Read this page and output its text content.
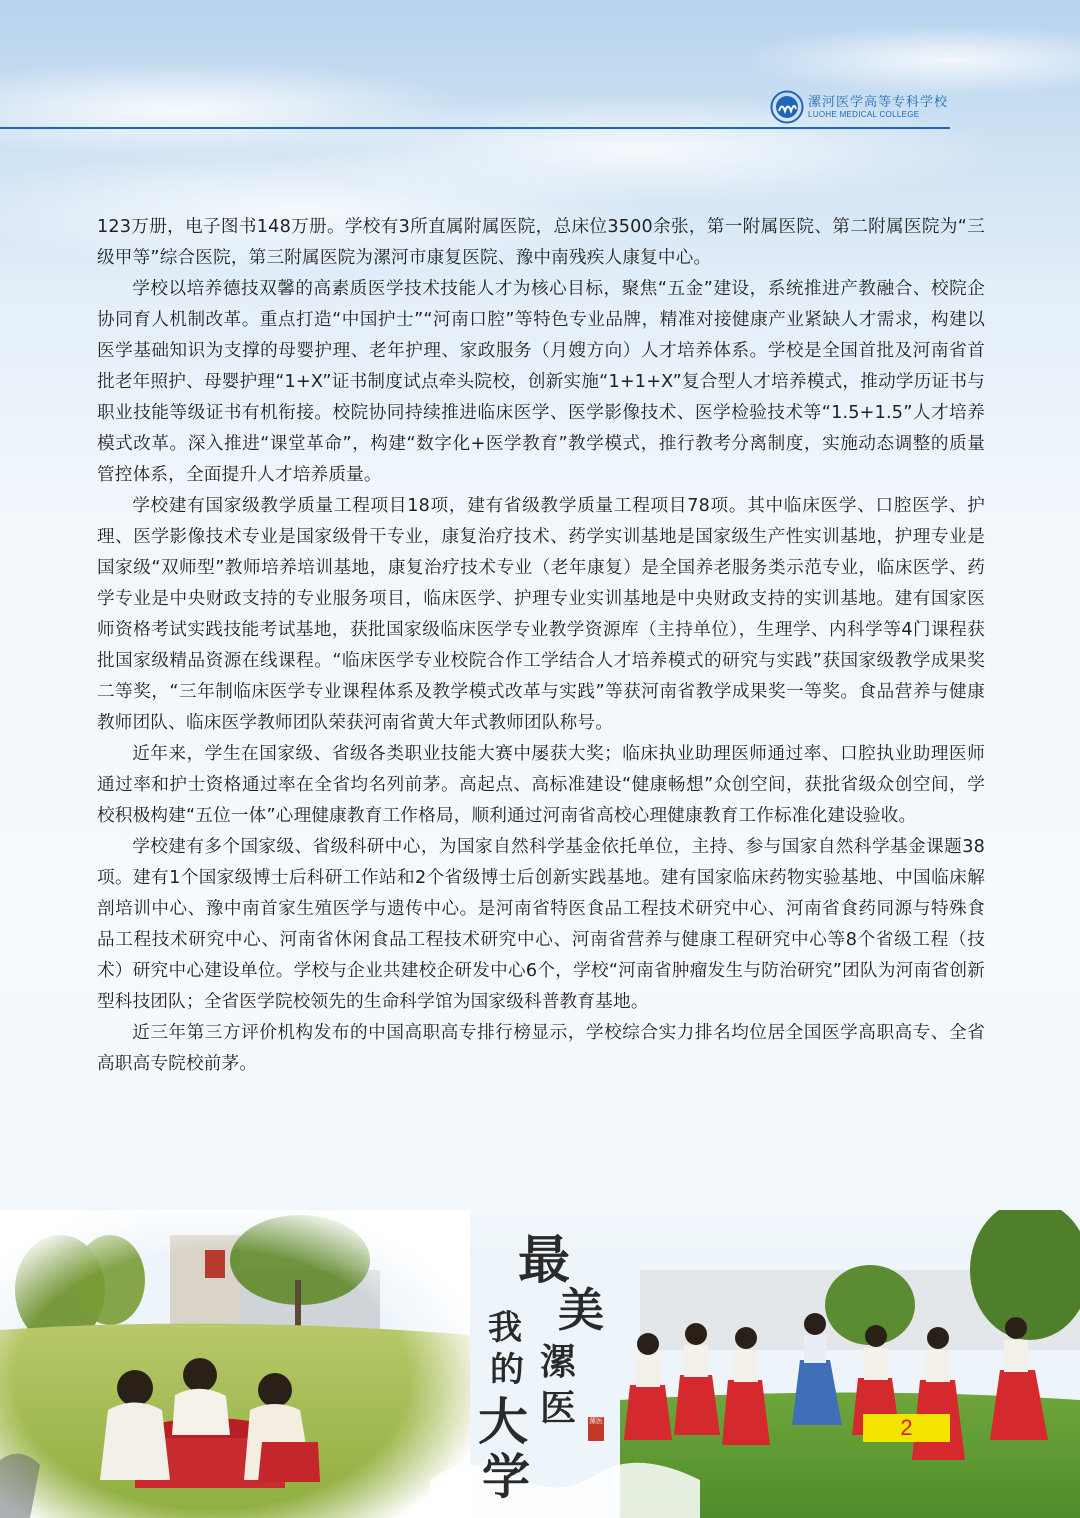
漯河医学高等专科学校
LUOHE MEDICAL COLLEGE

123万册，电子图书148万册。学校有3所直属附属医院，总床位3500余张，第一附属医院、第二附属医院为“三级甲等”综合医院，第三附属医院为漯河市康复医院、豫中南残疾人康复中心。

学校以培养德技双馨的高素质医学技术技能人才为核心目标，聚焦“五金”建设，系统推进产教融合、校院企协同育人机制改革。重点打造“中国护士”“河南口腔”等特色专业品牌，精准对接健康产业紧缺人才需求，构建以医学基础知识为支撑的母婴护理、老年护理、家政服务（月嫂方向）人才培养体系。学校是全国首批及河南省首批老年照护、母婴护理“1+X”证书制度试点牵头院校，创新实施“1+1+X”复合型人才培养模式，推动学历证书与职业技能等级证书有机衔接。校院协同持续推进临床医学、医学影像技术、医学检验技术等“1.5+1.5”人才培养模式改革。深入推进“课堂革命”，构建“数字化+医学教育”教学模式，推行教考分离制度，实施动态调整的质量管控体系，全面提升人才培养质量。

学校建有国家级教学质量工程项目18项，建有省级教学质量工程项目78项。其中临床医学、口腔医学、护理、医学影像技术专业是国家级骨干专业，康复治疗技术、药学实训基地是国家级生产性实训基地，护理专业是国家级“双师型”教师培养培训基地，康复治疗技术专业（老年康复）是全国养老服务类示范专业，临床医学、药学专业是中央财政支持的专业服务项目，临床医学、护理专业实训基地是中央财政支持的实训基地。建有国家医师资格考试实践技能考试基地，获批国家级临床医学专业教学资源库（主持单位），生理学、内科学等4门课程获批国家级精品资源在线课程。“临床医学专业校院合作工学结合人才培养模式的研究与实践”获国家级教学成果奖二等奖，“三年制临床医学专业课程体系及教学模式改革与实践”等获河南省教学成果奖一等奖。食品营养与健康教师团队、临床医学教师团队荣获河南省黄大年式教师团队称号。

近年来，学生在国家级、省级各类职业技能大赛中屡获大奖；临床执业助理医师通过率、口腔执业助理医师通过率和护士资格通过率在全省均名列前茅。高起点、高标准建设“健康畅想”众创空间，获批省级众创空间，学校积极构建“五位一体”心理健康教育工作格局，顺利通过河南省高校心理健康教育工作标准化建设验收。

学校建有多个国家级、省级科研中心，为国家自然科学基金依托单位，主持、参与国家自然科学基金课题38项。建有1个国家级博士后科研工作站和2个省级博士后创新实践基地。建有国家临床药物实验基地、中国临床解剖培训中心、豫中南首家生殖医学与遗传中心。是河南省特医食品工程技术研究中心、河南省食药同源与特殊食品工程技术研究中心、河南省休闲食品工程技术研究中心、河南省营养与健康工程研究中心等8个省级工程（技术）研究中心建设单位。学校与企业共建校企研发中心6个，学校“河南省肿瘤发生与防治研究”团队为河南省创新型科技团队；全省医学院校领先的生命科学馆为国家级科普教育基地。

近三年第三方评价机构发布的中国高职高专排行榜显示，学校综合实力排名均位居全国医学高职高专、全省高职高专院校前茅。

最
美
漯
医
我
的
大
学
漯医	2
